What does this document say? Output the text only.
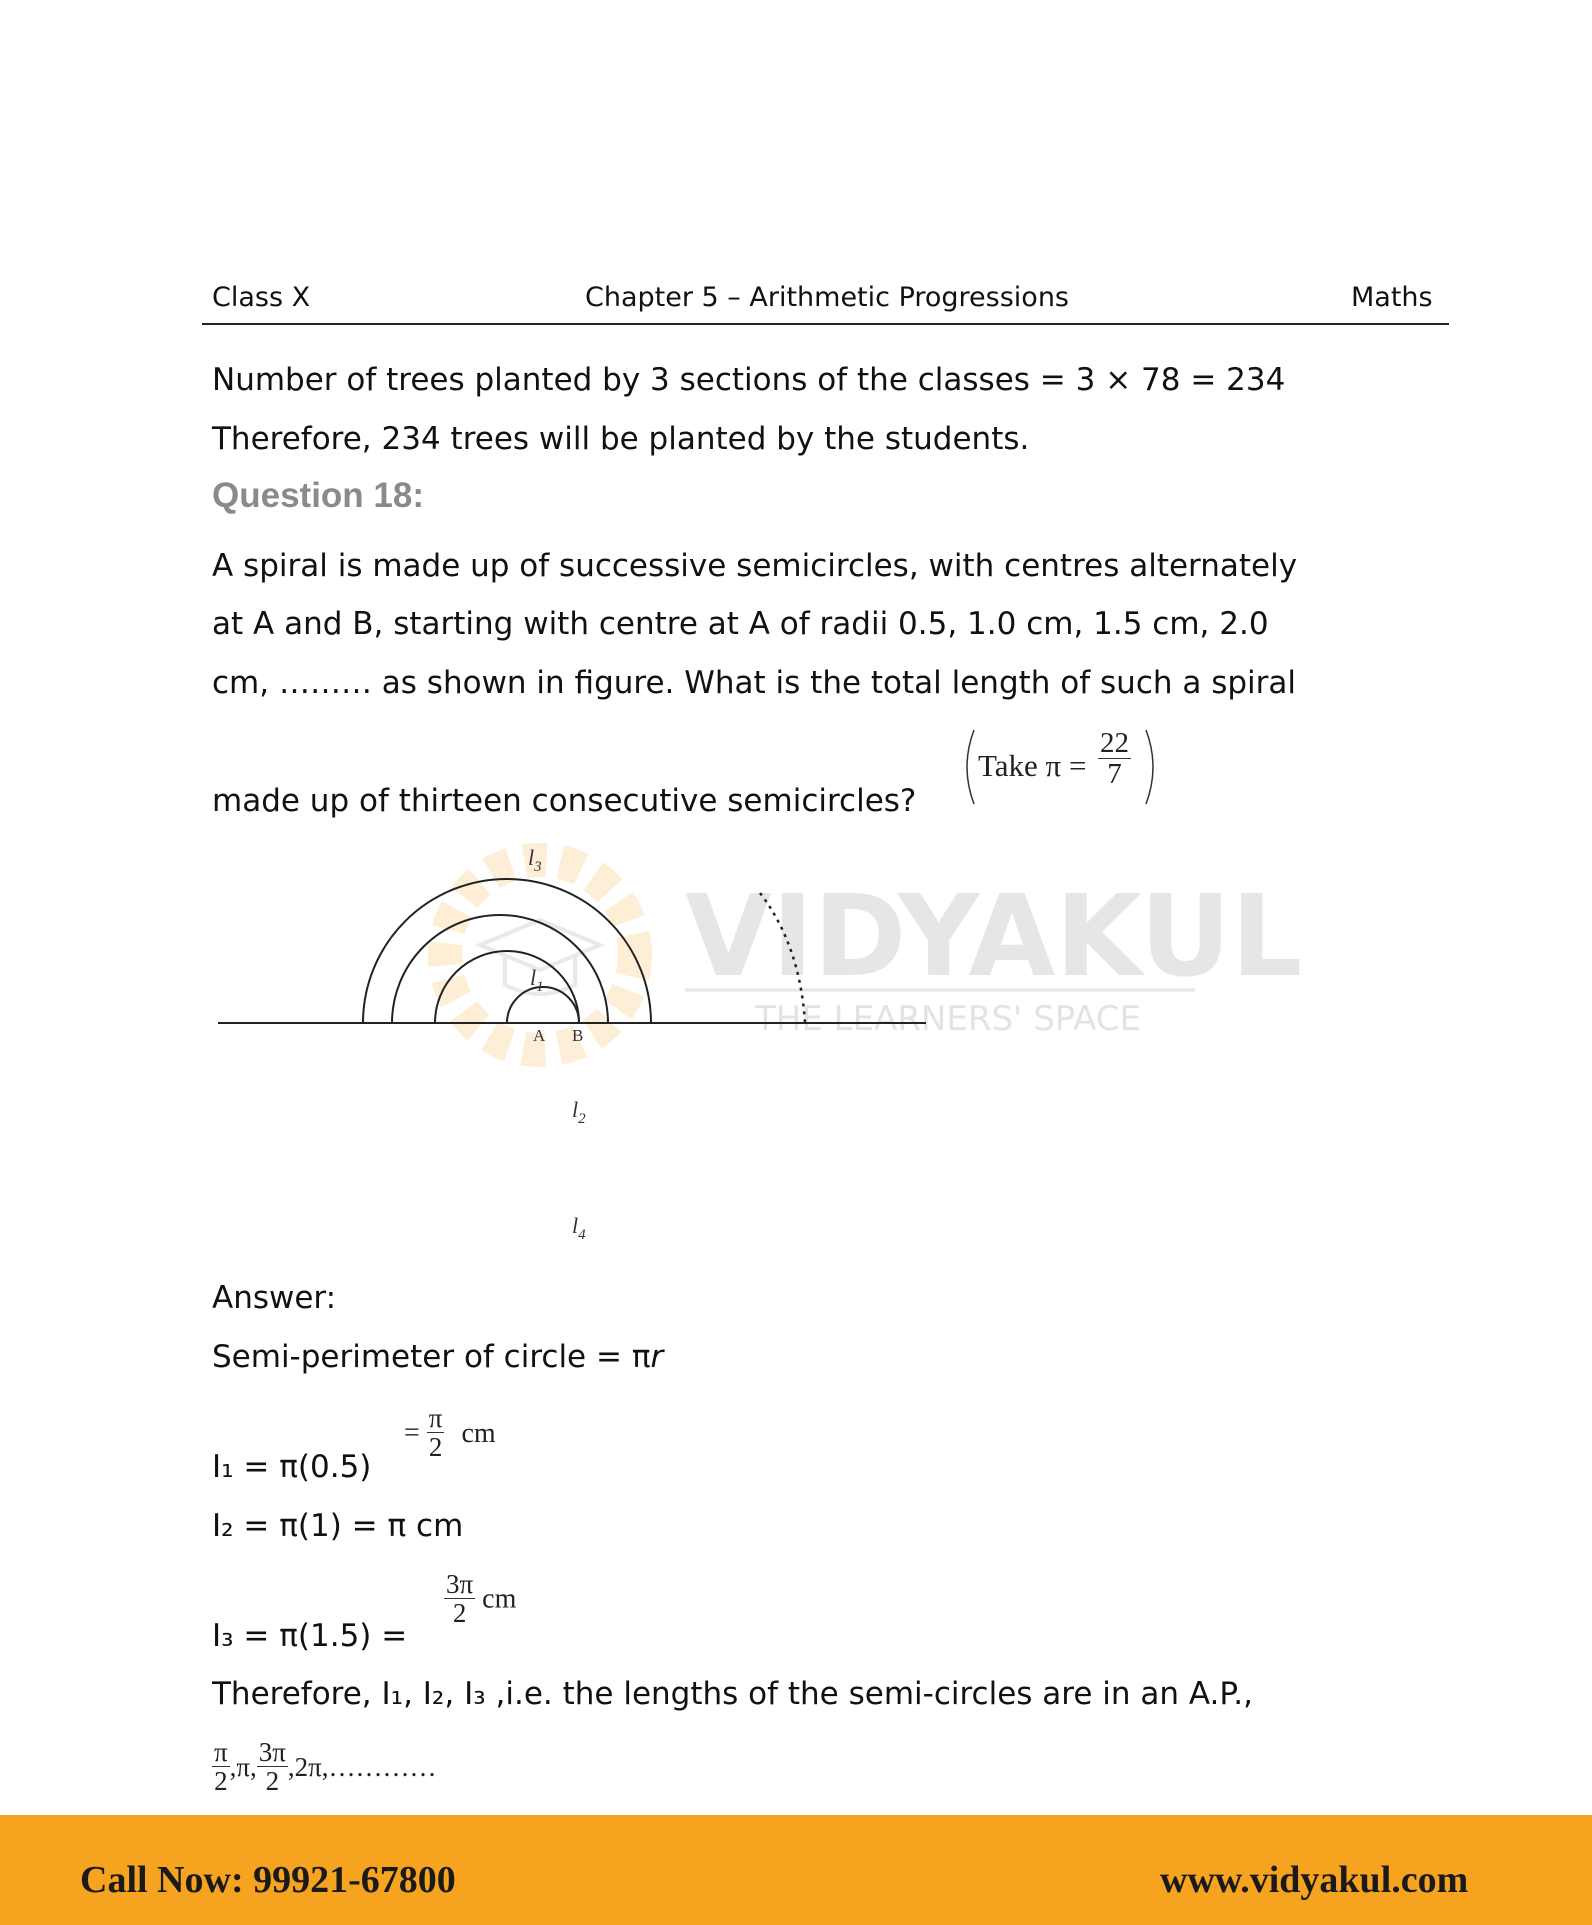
Class X	Chapter 5 – Arithmetic Progressions	Maths
Number of trees planted by 3 sections of the classes = 3 × 78 = 234
Therefore, 234 trees will be planted by the students.
Question 18:
A spiral is made up of successive semicircles, with centres alternately
at A and B, starting with centre at A of radii 0.5, 1.0 cm, 1.5 cm, 2.0
cm, ……… as shown in figure. What is the total length of such a spiral
made up of thirteen consecutive semicircles?
Take $\pi = \frac{22}{7}$
VIDYAKUL
THE LEARNERS' SPACE
$l_1$
$l_2$
$l_3$
$l_4$
A B
Answer:
Semi-perimeter of circle = πr
I₁ = π(0.5)
= $\frac{\pi}{2}$ cm
I₂ = π(1) = π cm
I₃ = π(1.5) =
$\frac{3\pi}{2}$ cm
Therefore, I₁, I₂, I₃ ,i.e. the lengths of the semi-circles are in an A.P.,
$\frac{\pi}{2} ,\pi$, $\frac{3\pi}{2}$ ,2π,…………
Call Now: 99921-67800	www.vidyakul.com
